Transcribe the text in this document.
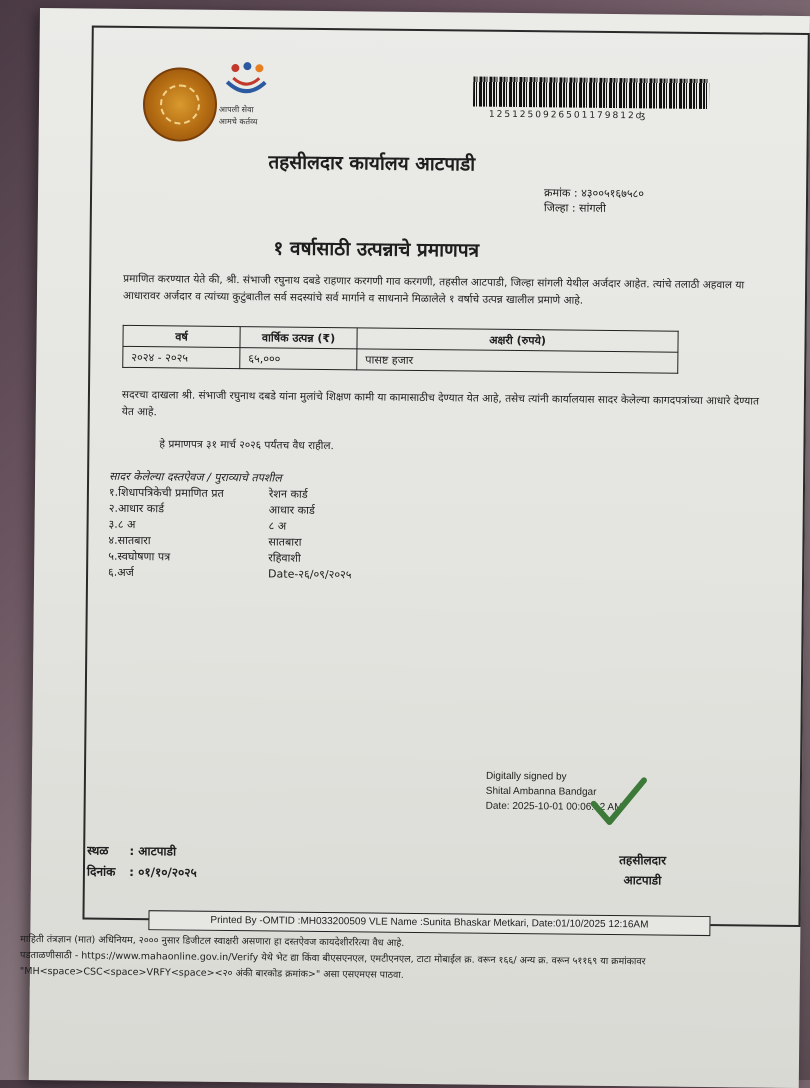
आपली सेवा
आमचे कर्तव्य
1251250926501179812ʤ
तहसीलदार कार्यालय आटपाडी
क्रमांक : ४३००५१६७५८०
जिल्हा : सांगली
१ वर्षासाठी उत्पन्नाचे प्रमाणपत्र
प्रमाणित करण्यात येते की, श्री. संभाजी रघुनाथ दबडे राहणार करगणी गाव करगणी, तहसील आटपाडी, जिल्हा सांगली येथील अर्जदार आहेत. त्यांचे तलाठी अहवाल या आधारावर अर्जदार व त्यांच्या कुटुंबातील सर्व सदस्यांचे सर्व मार्गाने व साधनाने मिळालेले १ वर्षाचे उत्पन्न खालील प्रमाणे आहे.
वर्ष	वार्षिक उत्पन्न (₹)	अक्षरी (रुपये)
२०२४ - २०२५	६५,०००	पासष्ट हजार
सदरचा दाखला श्री. संभाजी रघुनाथ दबडे यांना मुलांचे शिक्षण कामी या कामासाठीच देण्यात येत आहे, तसेच त्यांनी कार्यालयास सादर केलेल्या कागदपत्रांच्या आधारे देण्यात येत आहे.
हे प्रमाणपत्र ३१ मार्च २०२६ पर्यंतच वैध राहील.
सादर केलेल्या दस्तऐवज / पुराव्याचे तपशील
१.शिधापत्रिकेची प्रमाणित प्रत	रेशन कार्ड
२.आधार कार्ड	आधार कार्ड
३.८ अ	८ अ
४.सातबारा	सातबारा
५.स्वघोषणा पत्र	रहिवाशी
६.अर्ज	Date-२६/०९/२०२५
Digitally signed by
Shital Ambanna Bandgar
Date: 2025-10-01 00:06:12 AM
स्थळ : आटपाडी
दिनांक : ०१/१०/२०२५
तहसीलदार
आटपाडी
Printed By -OMTID :MH033200509 VLE Name :Sunita Bhaskar Metkari, Date:01/10/2025 12:16AM
माहिती तंत्रज्ञान (मात) अधिनियम, २००० नुसार डिजीटल स्वाक्षरी असणारा हा दस्तऐवज कायदेशीररित्या वैध आहे.
पडताळणीसाठी - https://www.mahaonline.gov.in/Verify येथे भेट द्या किंवा बीएसएनएल, एमटीएनएल, टाटा मोबाईल क्र. वरून १६६/ अन्य क्र. वरून ५११६९ या क्रमांकावर
"MH<space>CSC<space>VRFY<space><२० अंकी बारकोड क्रमांक>" असा एसएमएस पाठवा.
